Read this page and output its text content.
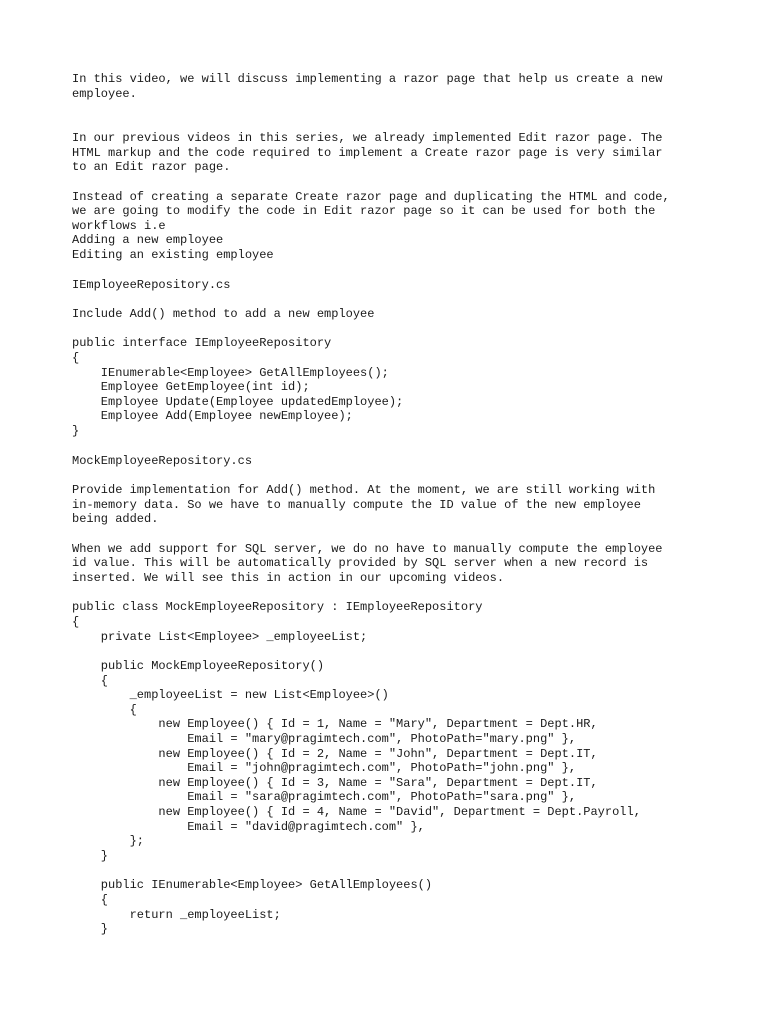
In this video, we will discuss implementing a razor page that help us create a new

employee.

In our previous videos in this series, we already implemented Edit razor page. The

HTML markup and the code required to implement a Create razor page is very similar

to an Edit razor page.

Instead of creating a separate Create razor page and duplicating the HTML and code,

we are going to modify the code in Edit razor page so it can be used for both the

workflows i.e

Adding a new employee

Editing an existing employee

IEmployeeRepository.cs

Include Add() method to add a new employee

public interface IEmployeeRepository

{

IEnumerable<Employee> GetAllEmployees();

Employee GetEmployee(int id);

Employee Update(Employee updatedEmployee);

Employee Add(Employee newEmployee);

}

MockEmployeeRepository.cs

Provide implementation for Add() method. At the moment, we are still working with

in-memory data. So we have to manually compute the ID value of the new employee

being added.

When we add support for SQL server, we do no have to manually compute the employee

id value. This will be automatically provided by SQL server when a new record is

inserted. We will see this in action in our upcoming videos.

public class MockEmployeeRepository : IEmployeeRepository

{

private List<Employee> _employeeList;

public MockEmployeeRepository()

{

_employeeList = new List<Employee>()

{

new Employee() { Id = 1, Name = "Mary", Department = Dept.HR,

Email = "mary@pragimtech.com", PhotoPath="mary.png" },

new Employee() { Id = 2, Name = "John", Department = Dept.IT,

Email = "john@pragimtech.com", PhotoPath="john.png" },

new Employee() { Id = 3, Name = "Sara", Department = Dept.IT,

Email = "sara@pragimtech.com", PhotoPath="sara.png" },

new Employee() { Id = 4, Name = "David", Department = Dept.Payroll,

Email = "david@pragimtech.com" },

};

}

public IEnumerable<Employee> GetAllEmployees()

{

return _employeeList;

}
